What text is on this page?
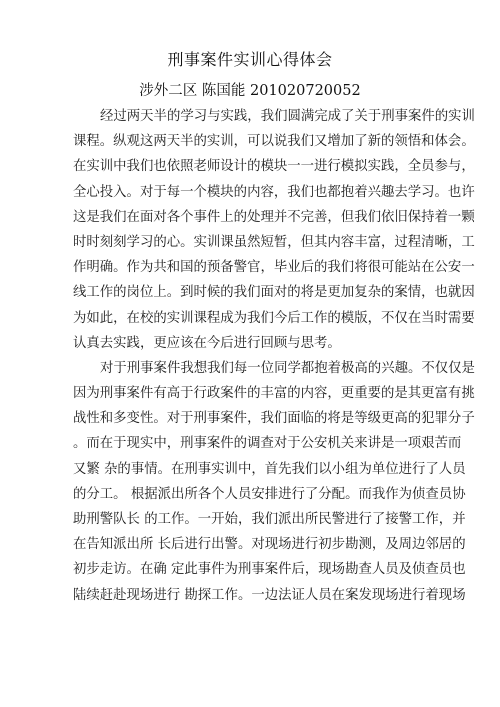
刑事案件实训心得体会
涉外二区 陈国能 201020720052
经过两天半的学习与实践，我们圆满完成了关于刑事案件的实训
课程。纵观这两天半的实训，可以说我们又增加了新的领悟和体会。
在实训中我们也依照老师设计的模块一一进行模拟实践，全员参与，
全心投入。对于每一个模块的内容，我们也都抱着兴趣去学习。也许
这是我们在面对各个事件上的处理并不完善，但我们依旧保持着一颗
时时刻刻学习的心。实训课虽然短暂，但其内容丰富，过程清晰，工
作明确。作为共和国的预备警官，毕业后的我们将很可能站在公安一
线工作的岗位上。到时候的我们面对的将是更加复杂的案情，也就因
为如此，在校的实训课程成为我们今后工作的模版，不仅在当时需要
认真去实践，更应该在今后进行回顾与思考。
对于刑事案件我想我们每一位同学都抱着极高的兴趣。不仅仅是
因为刑事案件有高于行政案件的丰富的内容，更重要的是其更富有挑
战性和多变性。对于刑事案件，我们面临的将是等级更高的犯罪分子
。而在于现实中，刑事案件的调查对于公安机关来讲是一项艰苦而
又繁 杂的事情。在刑事实训中，首先我们以小组为单位进行了人员
的分工。 根据派出所各个人员安排进行了分配。而我作为侦查员协
助刑警队长 的工作。一开始，我们派出所民警进行了接警工作，并
在告知派出所 长后进行出警。对现场进行初步勘测，及周边邻居的
初步走访。在确 定此事件为刑事案件后，现场勘查人员及侦查员也
陆续赶赴现场进行 勘探工作。一边法证人员在案发现场进行着现场
